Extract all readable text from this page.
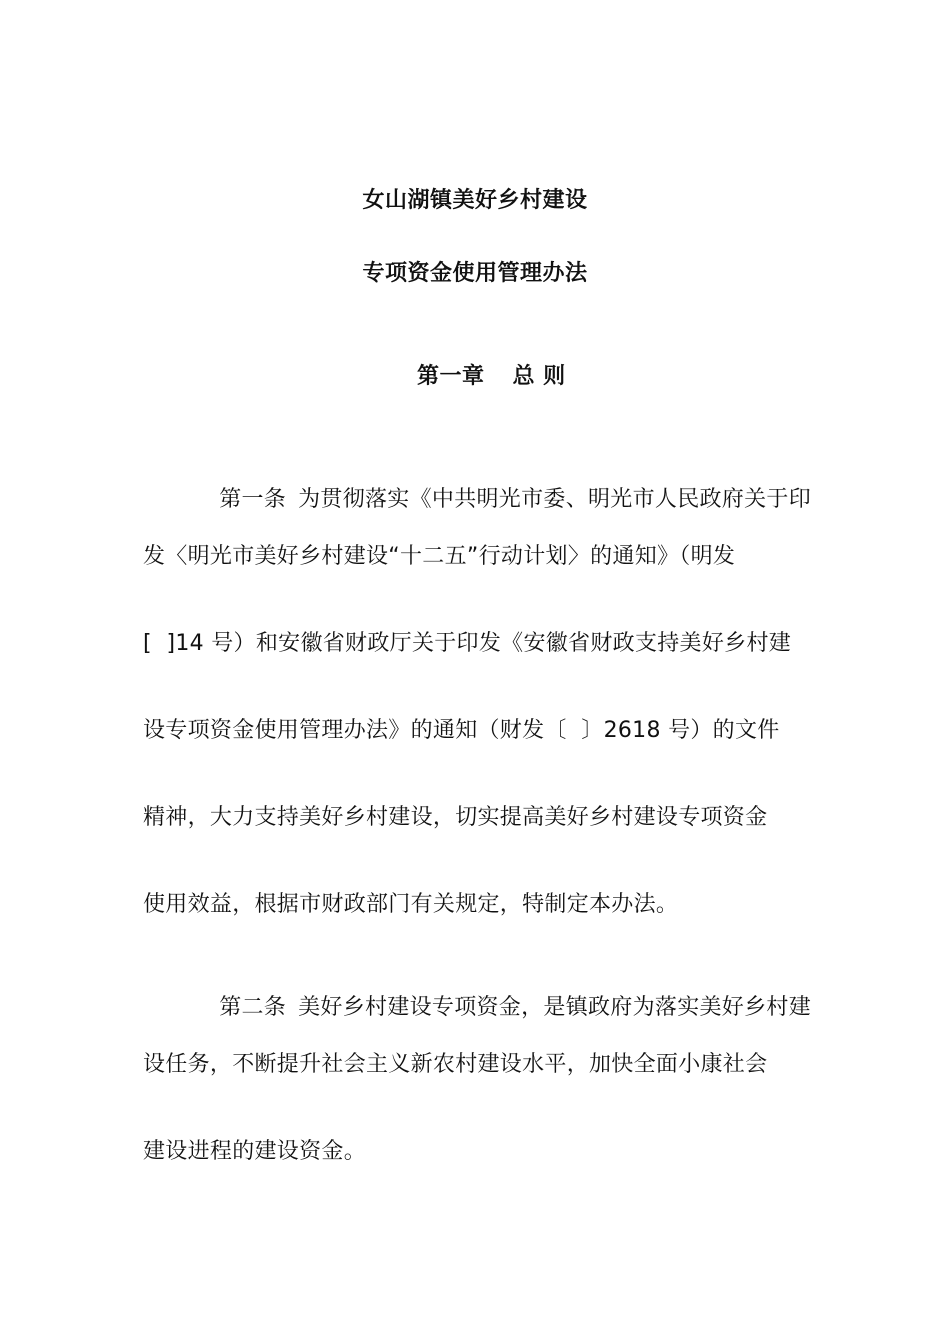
女山湖镇美好乡村建设
专项资金使用管理办法

第一章 总 则

第一条 为贯彻落实《中共明光市委、明光市人民政府关于印

发〈明光市美好乡村建设“十二五”行动计划〉的通知》（明发
[  ]14 号）和安徽省财政厅关于印发《安徽省财政支持美好乡村建
设专项资金使用管理办法》的通知（财发〔  〕2618 号）的文件
精神，大力支持美好乡村建设，切实提高美好乡村建设专项资金
使用效益，根据市财政部门有关规定，特制定本办法。

第二条 美好乡村建设专项资金，是镇政府为落实美好乡村建

设任务，不断提升社会主义新农村建设水平，加快全面小康社会
建设进程的建设资金。
